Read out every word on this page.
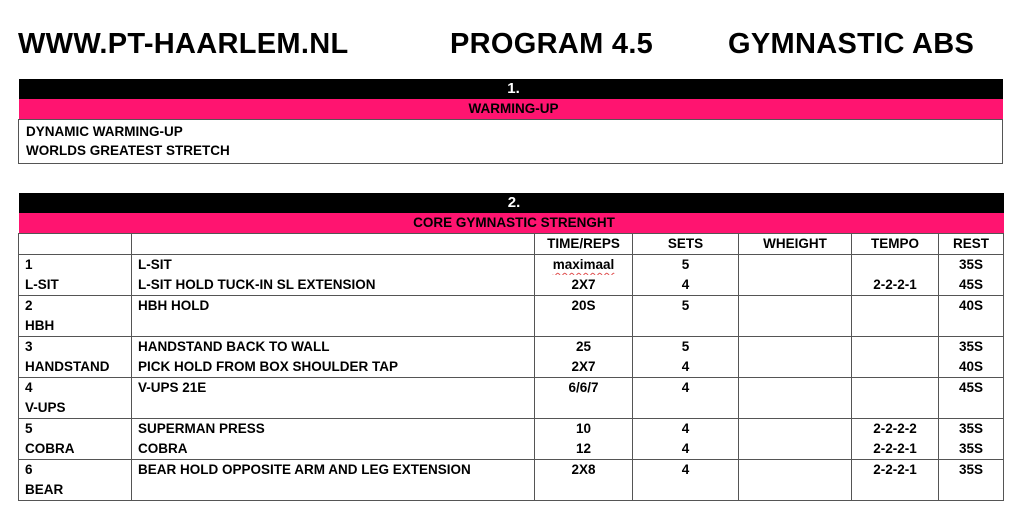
WWW.PT-HAARLEM.NL	PROGRAM 4.5	GYMNASTIC ABS
1.
WARMING-UP

DYNAMIC WARMING-UP
WORLDS GREATEST STRETCH
2.						
CORE GYMNASTIC STRENGHT						
		TIME/REPS	SETS	WHEIGHT	TEMPO	REST
1	L-SIT	maximaal	5			35S
L-SIT	L-SIT HOLD TUCK-IN SL EXTENSION	2X7	4		2-2-2-1	45S
2	HBH HOLD	20S	5			40S
HBH						
3	HANDSTAND BACK TO WALL	25	5			35S
HANDSTAND	PICK HOLD FROM BOX SHOULDER TAP	2X7	4			40S
4	V-UPS 21E	6/6/7	4			45S
V-UPS						
5	SUPERMAN PRESS	10	4		2-2-2-2	35S
COBRA	COBRA	12	4		2-2-2-1	35S
6	BEAR HOLD OPPOSITE ARM AND LEG EXTENSION	2X8	4		2-2-2-1	35S
BEAR						
